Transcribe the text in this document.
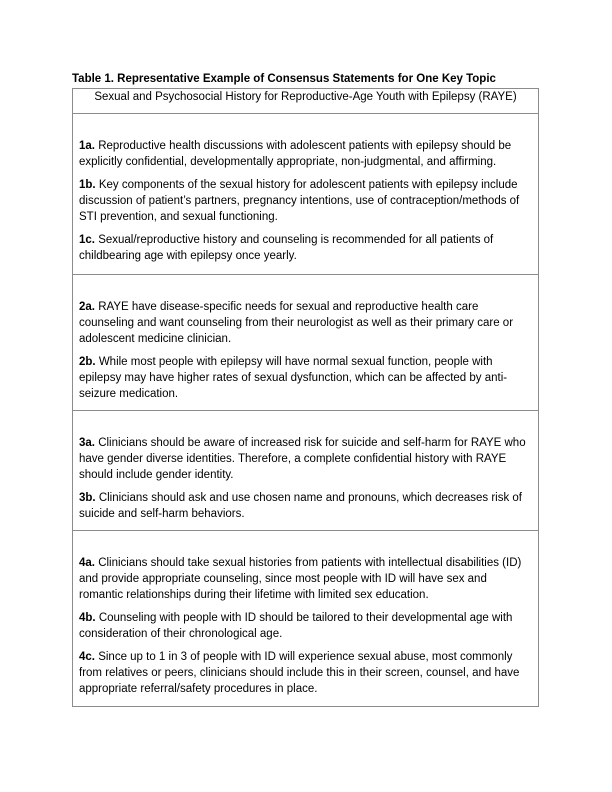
Table 1. Representative Example of Consensus Statements for One Key Topic
Sexual and Psychosocial History for Reproductive-Age Youth with Epilepsy (RAYE)

1a. Reproductive health discussions with adolescent patients with epilepsy should be explicitly confidential, developmentally appropriate, non-judgmental, and affirming.

1b. Key components of the sexual history for adolescent patients with epilepsy include discussion of patient’s partners, pregnancy intentions, use of contraception/methods of STI prevention, and sexual functioning.

1c. Sexual/reproductive history and counseling is recommended for all patients of childbearing age with epilepsy once yearly.

2a. RAYE have disease-specific needs for sexual and reproductive health care counseling and want counseling from their neurologist as well as their primary care or adolescent medicine clinician.

2b. While most people with epilepsy will have normal sexual function, people with epilepsy may have higher rates of sexual dysfunction, which can be affected by anti-seizure medication.

3a. Clinicians should be aware of increased risk for suicide and self-harm for RAYE who have gender diverse identities. Therefore, a complete confidential history with RAYE should include gender identity.

3b. Clinicians should ask and use chosen name and pronouns, which decreases risk of suicide and self-harm behaviors.

4a. Clinicians should take sexual histories from patients with intellectual disabilities (ID) and provide appropriate counseling, since most people with ID will have sex and romantic relationships during their lifetime with limited sex education.

4b. Counseling with people with ID should be tailored to their developmental age with consideration of their chronological age.

4c. Since up to 1 in 3 of people with ID will experience sexual abuse, most commonly from relatives or peers, clinicians should include this in their screen, counsel, and have appropriate referral/safety procedures in place.
